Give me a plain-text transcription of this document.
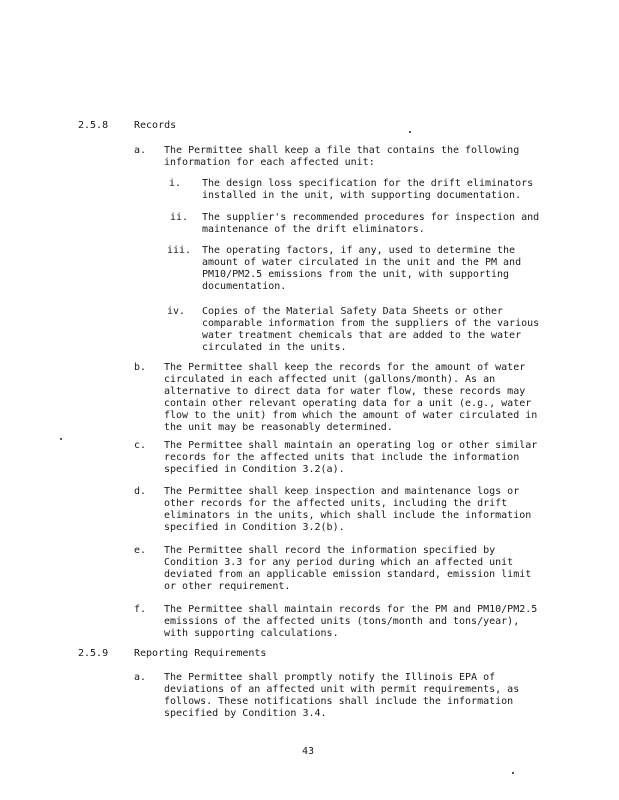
2.5.8	Records
a. The Permittee shall keep a file that contains the following
information for each affected unit:
i. The design loss specification for the drift eliminators
installed in the unit, with supporting documentation.
ii. The supplier's recommended procedures for inspection and
maintenance of the drift eliminators.
iii. The operating factors, if any, used to determine the
amount of water circulated in the unit and the PM and
PM10/PM2.5 emissions from the unit, with supporting
documentation.
iv. Copies of the Material Safety Data Sheets or other
comparable information from the suppliers of the various
water treatment chemicals that are added to the water
circulated in the units.
b. The Permittee shall keep the records for the amount of water
circulated in each affected unit (gallons/month). As an
alternative to direct data for water flow, these records may
contain other relevant operating data for a unit (e.g., water
flow to the unit) from which the amount of water circulated in
the unit may be reasonably determined.
c. The Permittee shall maintain an operating log or other similar
records for the affected units that include the information
specified in Condition 3.2(a).
d. The Permittee shall keep inspection and maintenance logs or
other records for the affected units, including the drift
eliminators in the units, which shall include the information
specified in Condition 3.2(b).
e. The Permittee shall record the information specified by
Condition 3.3 for any period during which an affected unit
deviated from an applicable emission standard, emission limit
or other requirement.
f. The Permittee shall maintain records for the PM and PM10/PM2.5
emissions of the affected units (tons/month and tons/year),
with supporting calculations.
2.5.9	Reporting Requirements
a. The Permittee shall promptly notify the Illinois EPA of
deviations of an affected unit with permit requirements, as
follows. These notifications shall include the information
specified by Condition 3.4.
43
